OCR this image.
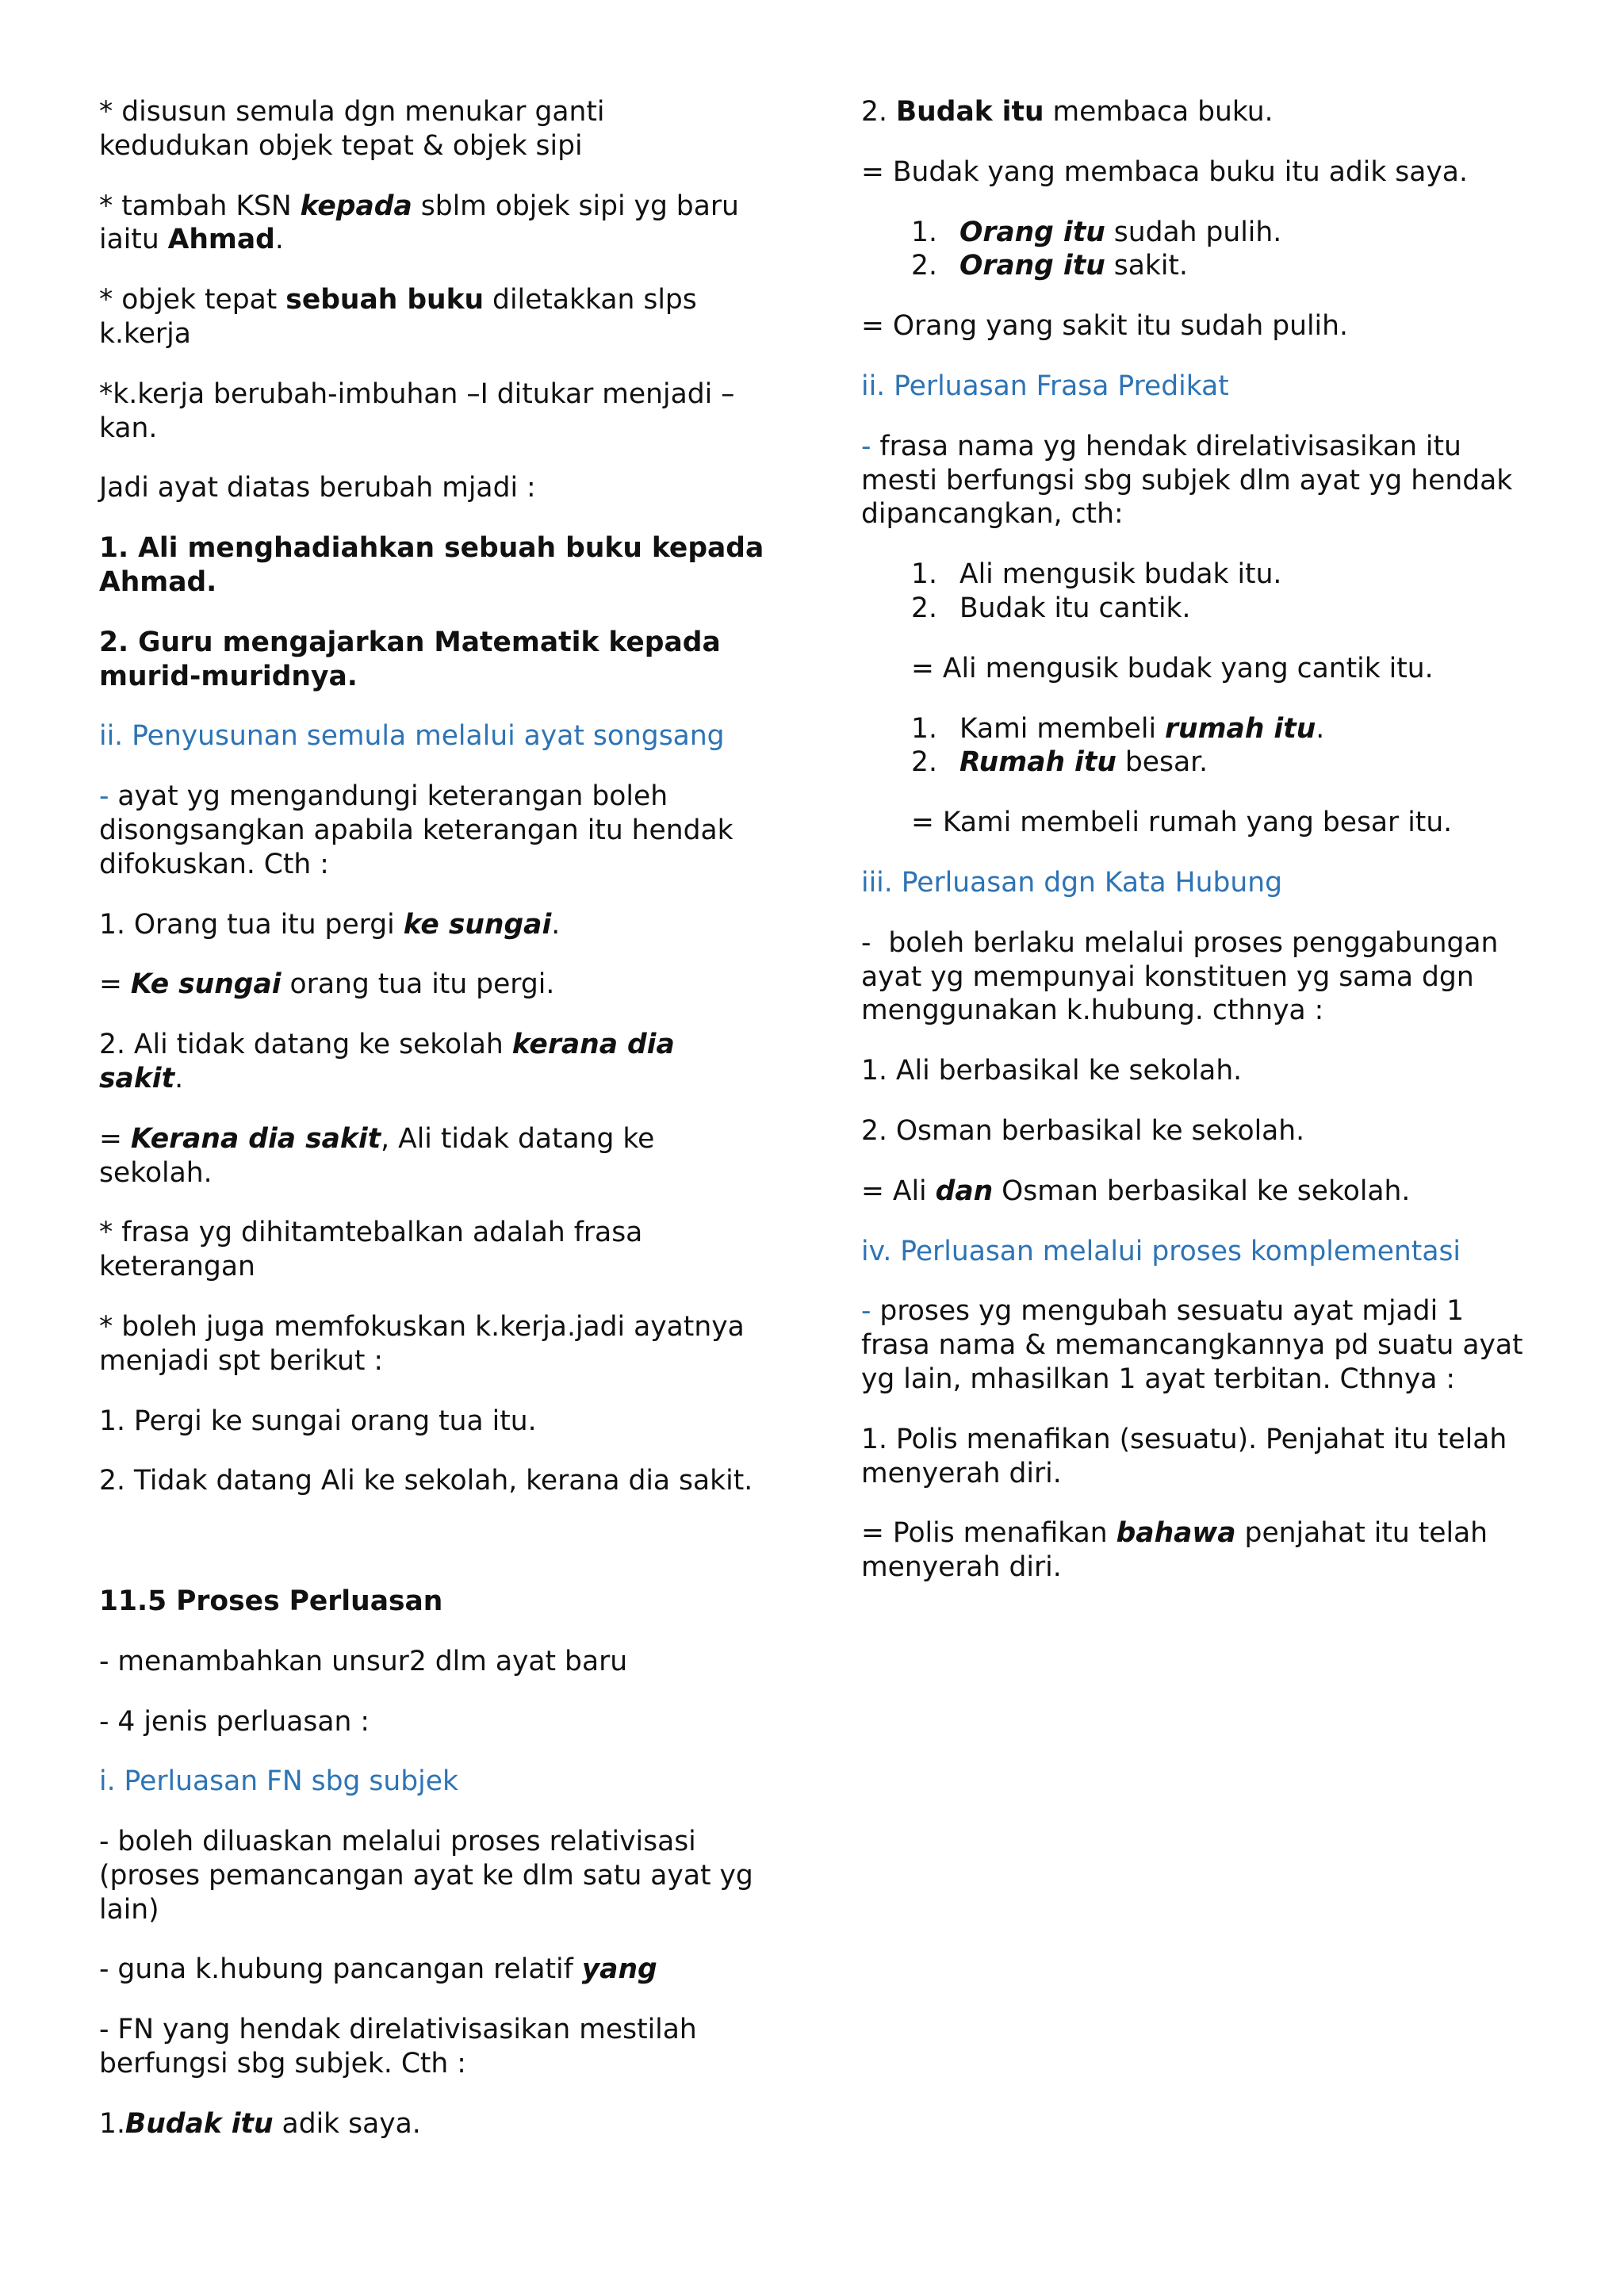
* disusun semula dgn menukar ganti
kedudukan objek tepat & objek sipi

* tambah KSN kepada sblm objek sipi yg baru
iaitu Ahmad.

* objek tepat sebuah buku diletakkan slps
k.kerja

*k.kerja berubah-imbuhan –I ditukar menjadi –
kan.

Jadi ayat diatas berubah mjadi :

1. Ali menghadiahkan sebuah buku kepada
Ahmad.

2. Guru mengajarkan Matematik kepada
murid-muridnya.

ii. Penyusunan semula melalui ayat songsang

- ayat yg mengandungi keterangan boleh
disongsangkan apabila keterangan itu hendak
difokuskan. Cth :

1. Orang tua itu pergi ke sungai.

= Ke sungai orang tua itu pergi.

2. Ali tidak datang ke sekolah kerana dia
sakit.

= Kerana dia sakit, Ali tidak datang ke
sekolah.

* frasa yg dihitamtebalkan adalah frasa
keterangan

* boleh juga memfokuskan k.kerja.jadi ayatnya
menjadi spt berikut :

1. Pergi ke sungai orang tua itu.

2. Tidak datang Ali ke sekolah, kerana dia sakit.

11.5 Proses Perluasan

- menambahkan unsur2 dlm ayat baru

- 4 jenis perluasan :

i. Perluasan FN sbg subjek

- boleh diluaskan melalui proses relativisasi
(proses pemancangan ayat ke dlm satu ayat yg
lain)

- guna k.hubung pancangan relatif yang

- FN yang hendak direlativisasikan mestilah
berfungsi sbg subjek. Cth :

1.Budak itu adik saya.

2. Budak itu membaca buku.

= Budak yang membaca buku itu adik saya.

1. Orang itu sudah pulih.
2. Orang itu sakit.

= Orang yang sakit itu sudah pulih.

ii. Perluasan Frasa Predikat

- frasa nama yg hendak direlativisasikan itu
mesti berfungsi sbg subjek dlm ayat yg hendak
dipancangkan, cth:

1. Ali mengusik budak itu.
2. Budak itu cantik.

= Ali mengusik budak yang cantik itu.

1. Kami membeli rumah itu.
2. Rumah itu besar.

= Kami membeli rumah yang besar itu.

iii. Perluasan dgn Kata Hubung

-  boleh berlaku melalui proses penggabungan
ayat yg mempunyai konstituen yg sama dgn
menggunakan k.hubung. cthnya :

1. Ali berbasikal ke sekolah.

2. Osman berbasikal ke sekolah.

= Ali dan Osman berbasikal ke sekolah.

iv. Perluasan melalui proses komplementasi

- proses yg mengubah sesuatu ayat mjadi 1
frasa nama & memancangkannya pd suatu ayat
yg lain, mhasilkan 1 ayat terbitan. Cthnya :

1. Polis menafikan (sesuatu). Penjahat itu telah
menyerah diri.

= Polis menafikan bahawa penjahat itu telah
menyerah diri.
